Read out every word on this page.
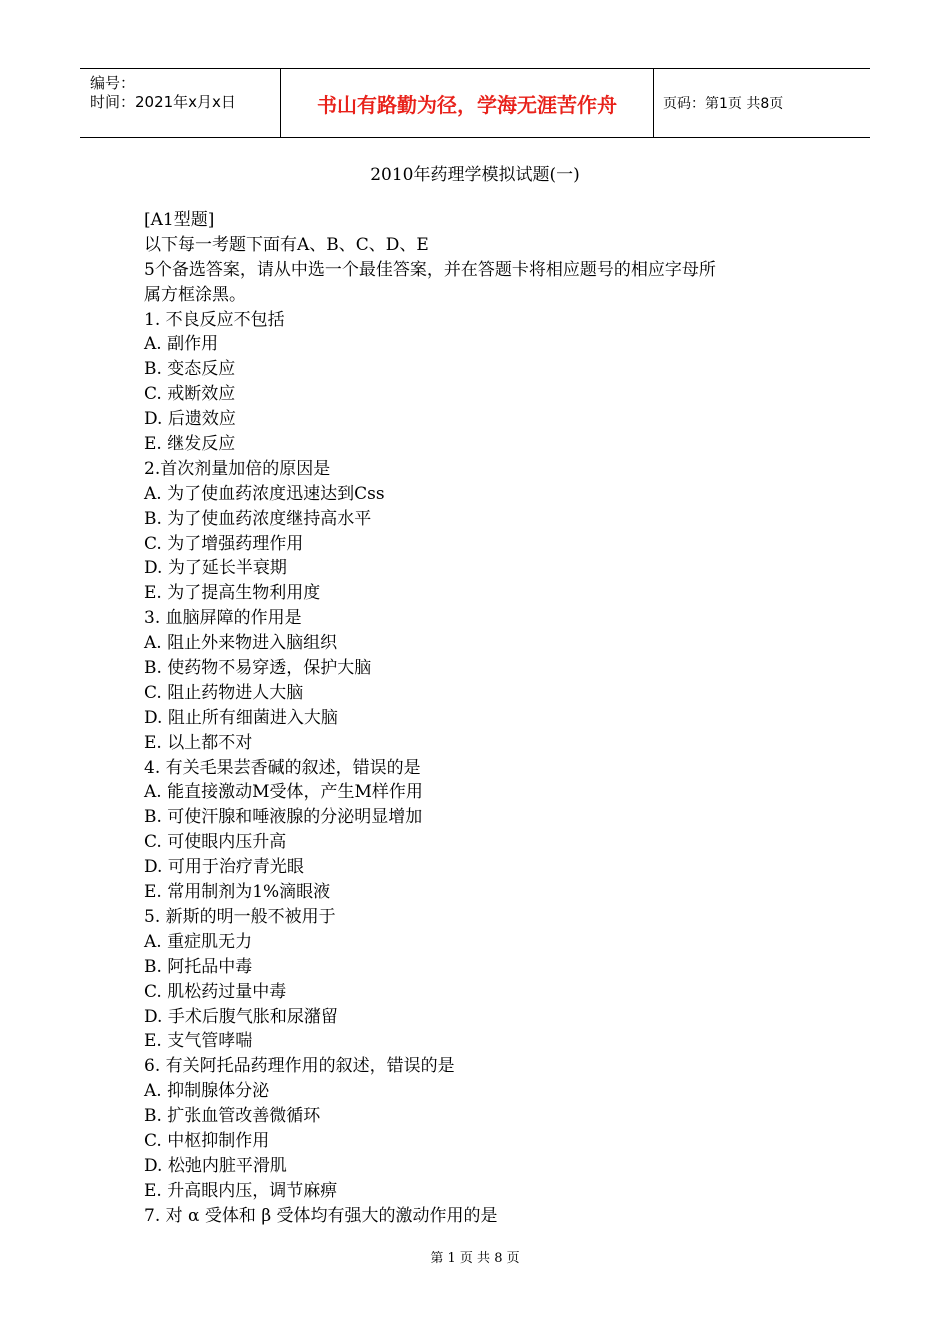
编号：
时间：2021年x月x日	书山有路勤为径，学海无涯苦作舟	页码：第1页 共8页
2010年药理学模拟试题(一)
[A1型题]
以下每一考题下面有A、B、C、D、E
5个备选答案，请从中选一个最佳答案，并在答题卡将相应题号的相应字母所
属方框涂黑。
1. 不良反应不包括
A. 副作用
B. 变态反应
C. 戒断效应
D. 后遗效应
E. 继发反应
2.首次剂量加倍的原因是
A. 为了使血药浓度迅速达到Css
B. 为了使血药浓度继持高水平
C. 为了增强药理作用
D. 为了延长半衰期
E. 为了提高生物利用度
3. 血脑屏障的作用是
A. 阻止外来物进入脑组织
B. 使药物不易穿透，保护大脑
C. 阻止药物进人大脑
D. 阻止所有细菌进入大脑
E. 以上都不对
4. 有关毛果芸香碱的叙述，错误的是
A. 能直接激动M受体，产生M样作用
B. 可使汗腺和唾液腺的分泌明显增加
C. 可使眼内压升高
D. 可用于治疗青光眼
E. 常用制剂为1%滴眼液
5. 新斯的明一般不被用于
A. 重症肌无力
B. 阿托品中毒
C. 肌松药过量中毒
D. 手术后腹气胀和尿潴留
E. 支气管哮喘
6. 有关阿托品药理作用的叙述，错误的是
A. 抑制腺体分泌
B. 扩张血管改善微循环
C. 中枢抑制作用
D. 松弛内脏平滑肌
E. 升高眼内压，调节麻痹
7. 对 α 受体和 β 受体均有强大的激动作用的是
第 1 页 共 8 页
